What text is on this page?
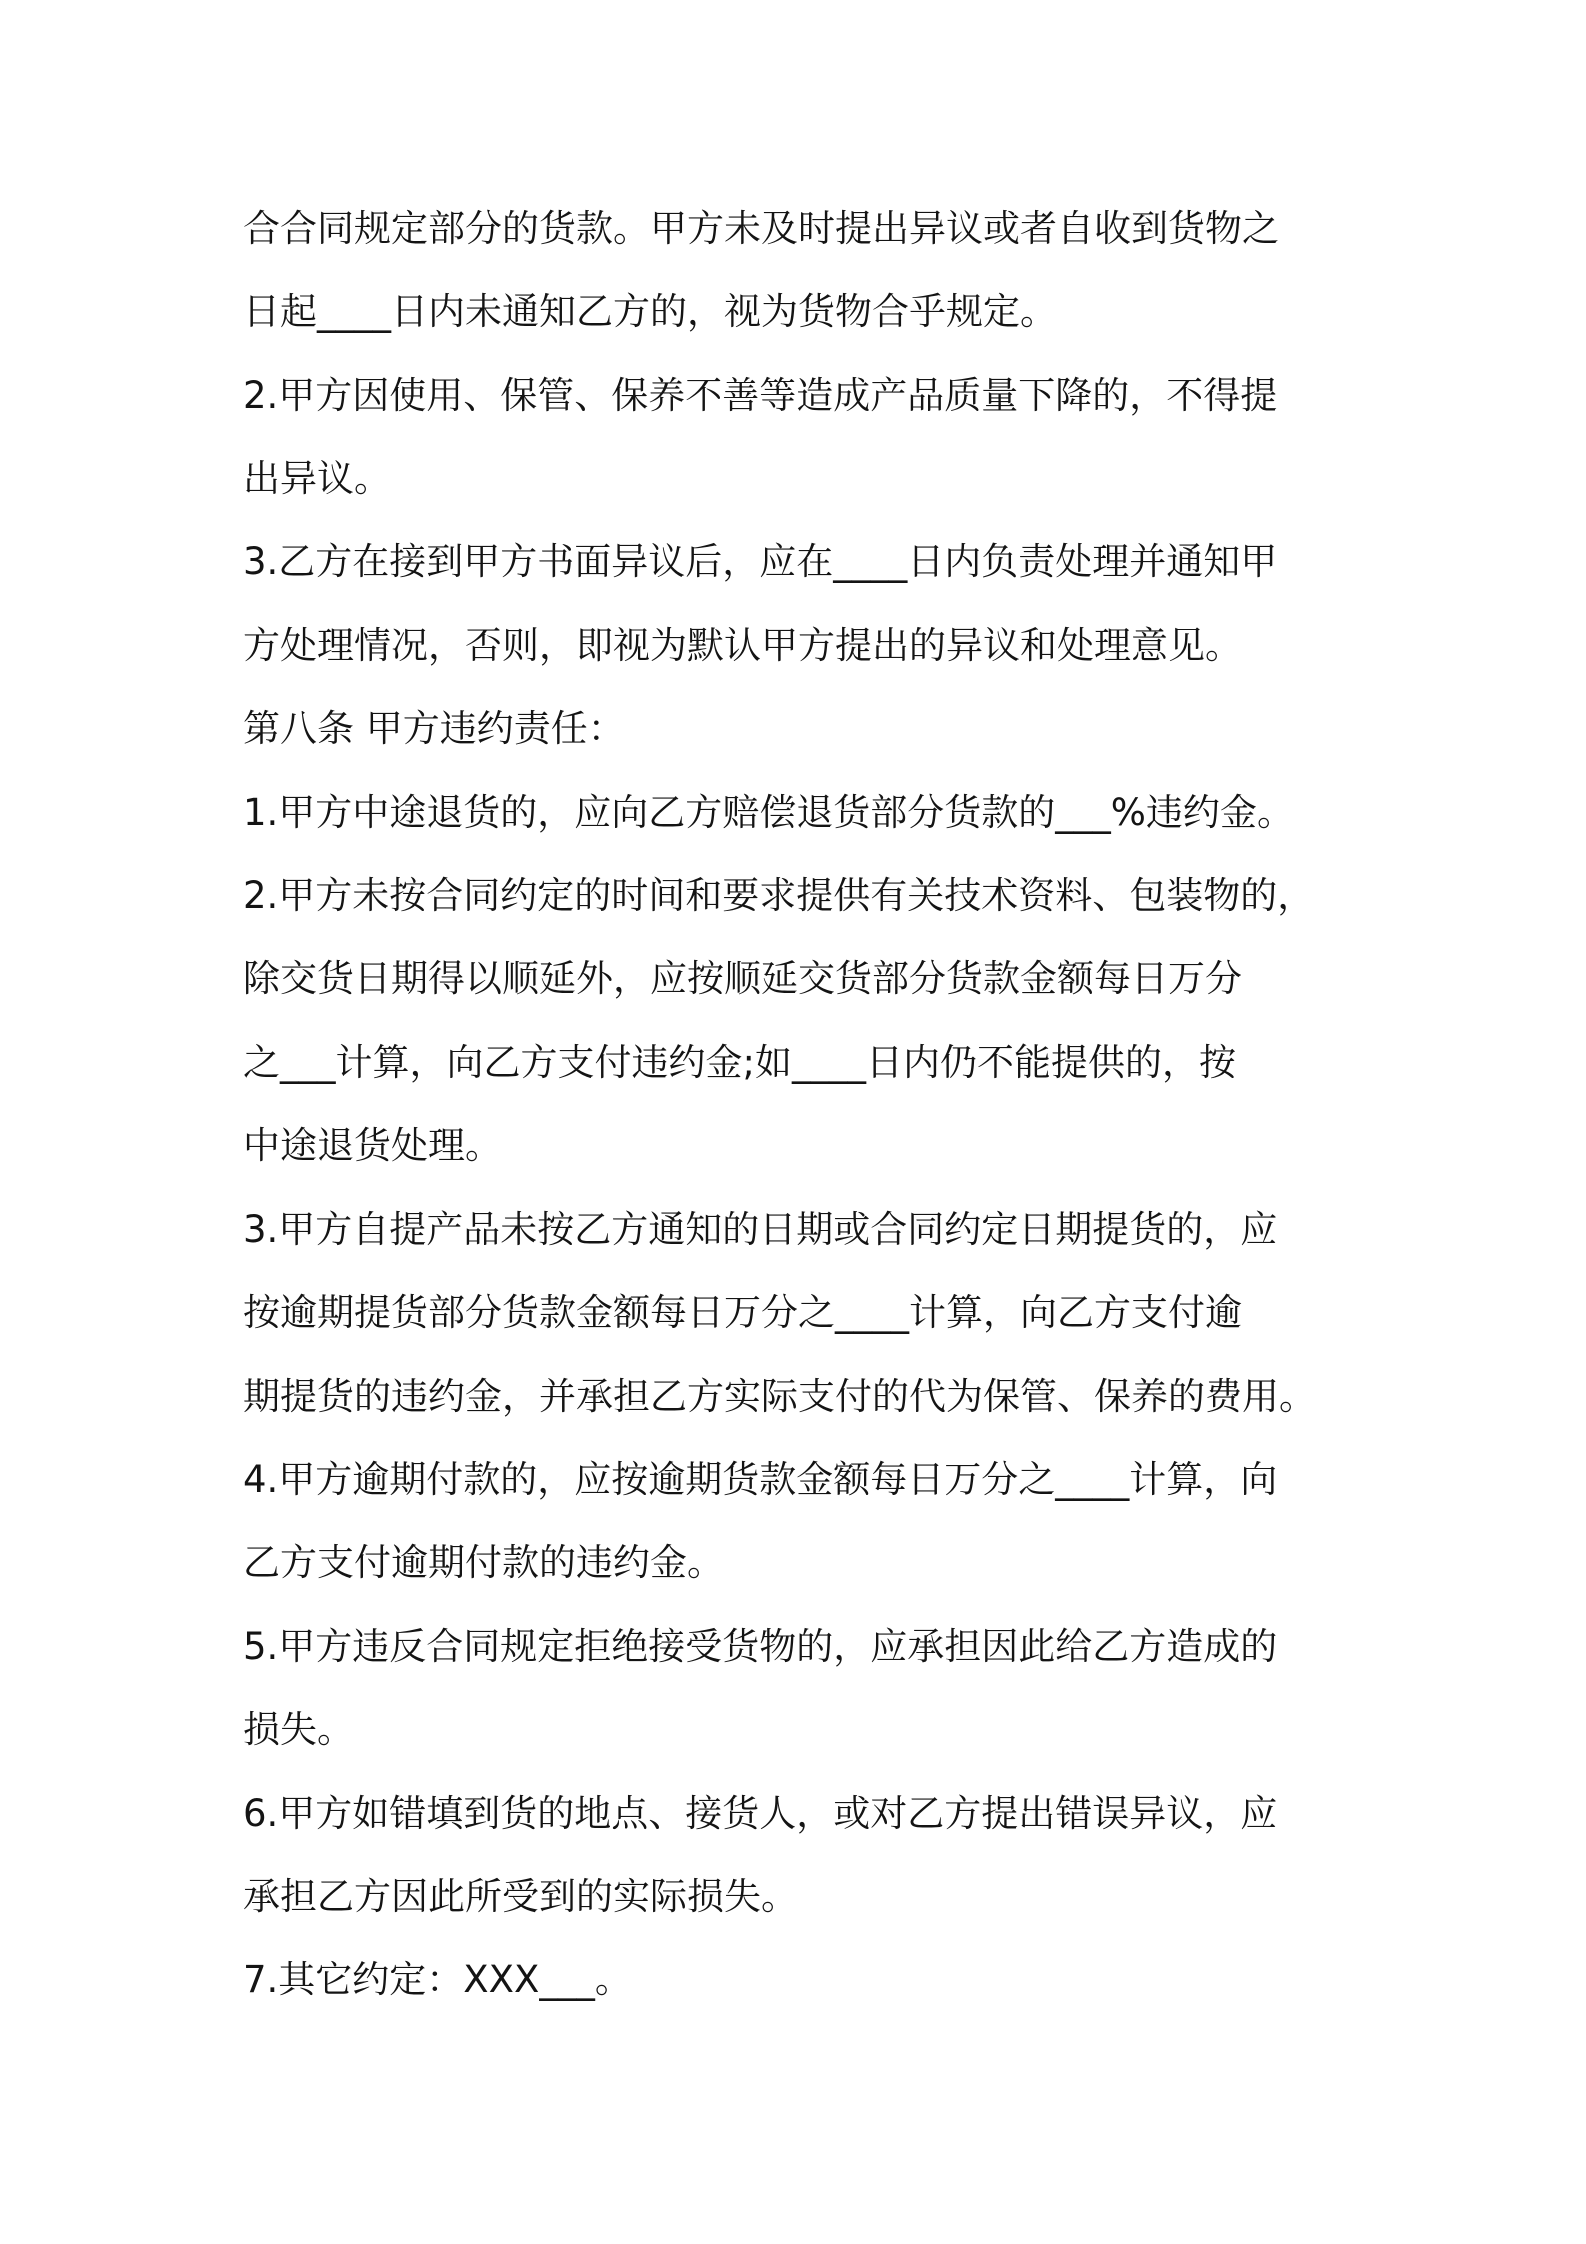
合合同规定部分的货款。甲方未及时提出异议或者自收到货物之
日起____日内未通知乙方的，视为货物合乎规定。
2.甲方因使用、保管、保养不善等造成产品质量下降的，不得提
出异议。
3.乙方在接到甲方书面异议后，应在____日内负责处理并通知甲
方处理情况，否则，即视为默认甲方提出的异议和处理意见。
第八条 甲方违约责任：
1.甲方中途退货的，应向乙方赔偿退货部分货款的___%违约金。
2.甲方未按合同约定的时间和要求提供有关技术资料、包装物的，
除交货日期得以顺延外，应按顺延交货部分货款金额每日万分
之___计算，向乙方支付违约金;如____日内仍不能提供的，按
中途退货处理。
3.甲方自提产品未按乙方通知的日期或合同约定日期提货的，应
按逾期提货部分货款金额每日万分之____计算，向乙方支付逾
期提货的违约金，并承担乙方实际支付的代为保管、保养的费用。
4.甲方逾期付款的，应按逾期货款金额每日万分之____计算，向
乙方支付逾期付款的违约金。
5.甲方违反合同规定拒绝接受货物的，应承担因此给乙方造成的
损失。
6.甲方如错填到货的地点、接货人，或对乙方提出错误异议，应
承担乙方因此所受到的实际损失。
7.其它约定：XXX___。
